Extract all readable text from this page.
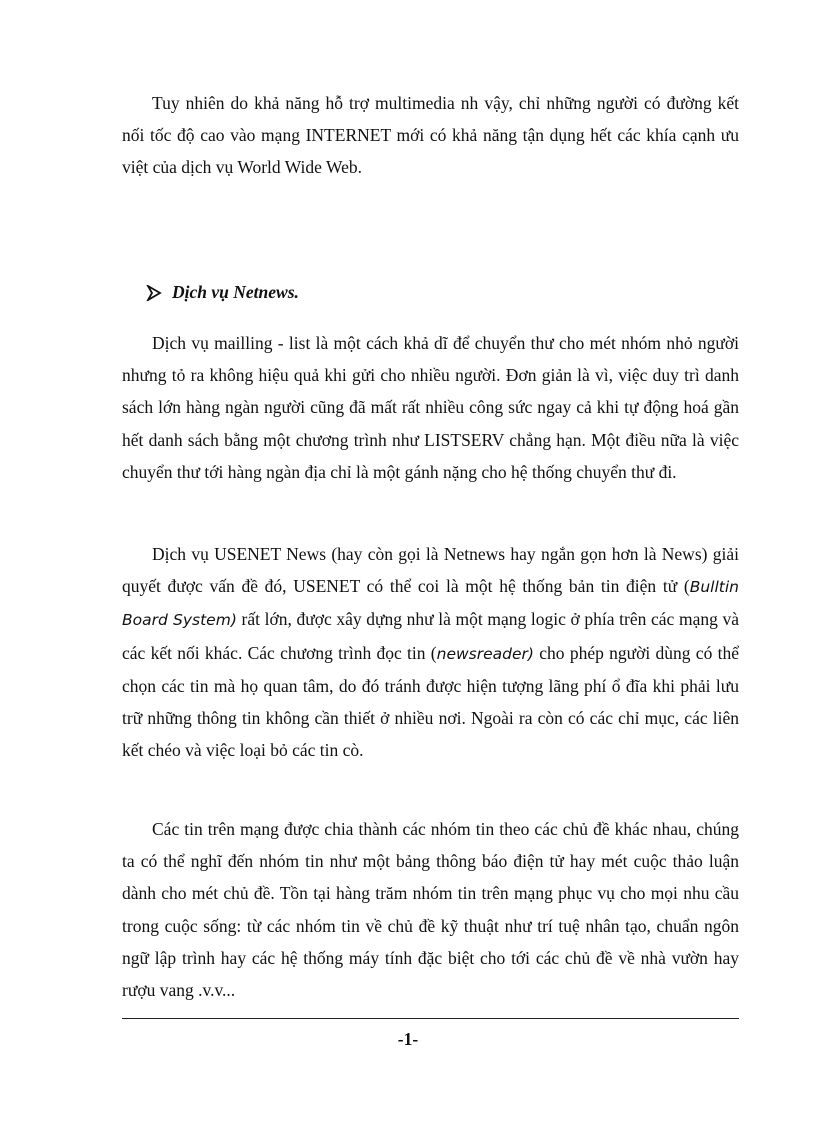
Tuy nhiên do khả năng hỗ trợ multimedia nh vậy, chỉ những người có đường kết nối tốc độ cao vào mạng INTERNET mới có khả năng tận dụng hết các khía cạnh ưu việt của dịch vụ World Wide Web.

Dịch vụ Netnews.

Dịch vụ mailling - list là một cách khả dĩ để chuyển thư cho mét nhóm nhỏ người nhưng tỏ ra không hiệu quả khi gửi cho nhiều người. Đơn giản là vì, việc duy trì danh sách lớn hàng ngàn người cũng đã mất rất nhiều công sức ngay cả khi tự động hoá gần hết danh sách bằng một chương trình như LISTSERV chẳng hạn. Một điều nữa là việc chuyển thư tới hàng ngàn địa chỉ là một gánh nặng cho hệ thống chuyển thư đi.

Dịch vụ USENET News (hay còn gọi là Netnews hay ngắn gọn hơn là News) giải quyết được vấn đề đó, USENET có thể coi là một hệ thống bản tin điện tử (Bulltin Board System) rất lớn, được xây dựng như là một mạng logic ở phía trên các mạng và các kết nối khác. Các chương trình đọc tin (newsreader) cho phép người dùng có thể chọn các tin mà họ quan tâm, do đó tránh được hiện tượng lãng phí ổ đĩa khi phải lưu trữ những thông tin không cần thiết ở nhiều nơi. Ngoài ra còn có các chỉ mục, các liên kết chéo và việc loại bỏ các tin cò.

Các tin trên mạng được chia thành các nhóm tin theo các chủ đề khác nhau, chúng ta có thể nghĩ đến nhóm tin như một bảng thông báo điện tử hay mét cuộc thảo luận dành cho mét chủ đề. Tồn tại hàng trăm nhóm tin trên mạng phục vụ cho mọi nhu cầu trong cuộc sống: từ các nhóm tin về chủ đề kỹ thuật như trí tuệ nhân tạo, chuẩn ngôn ngữ lập trình hay các hệ thống máy tính đặc biệt cho tới các chủ đề về nhà vườn hay rượu vang .v.v...

-1-
